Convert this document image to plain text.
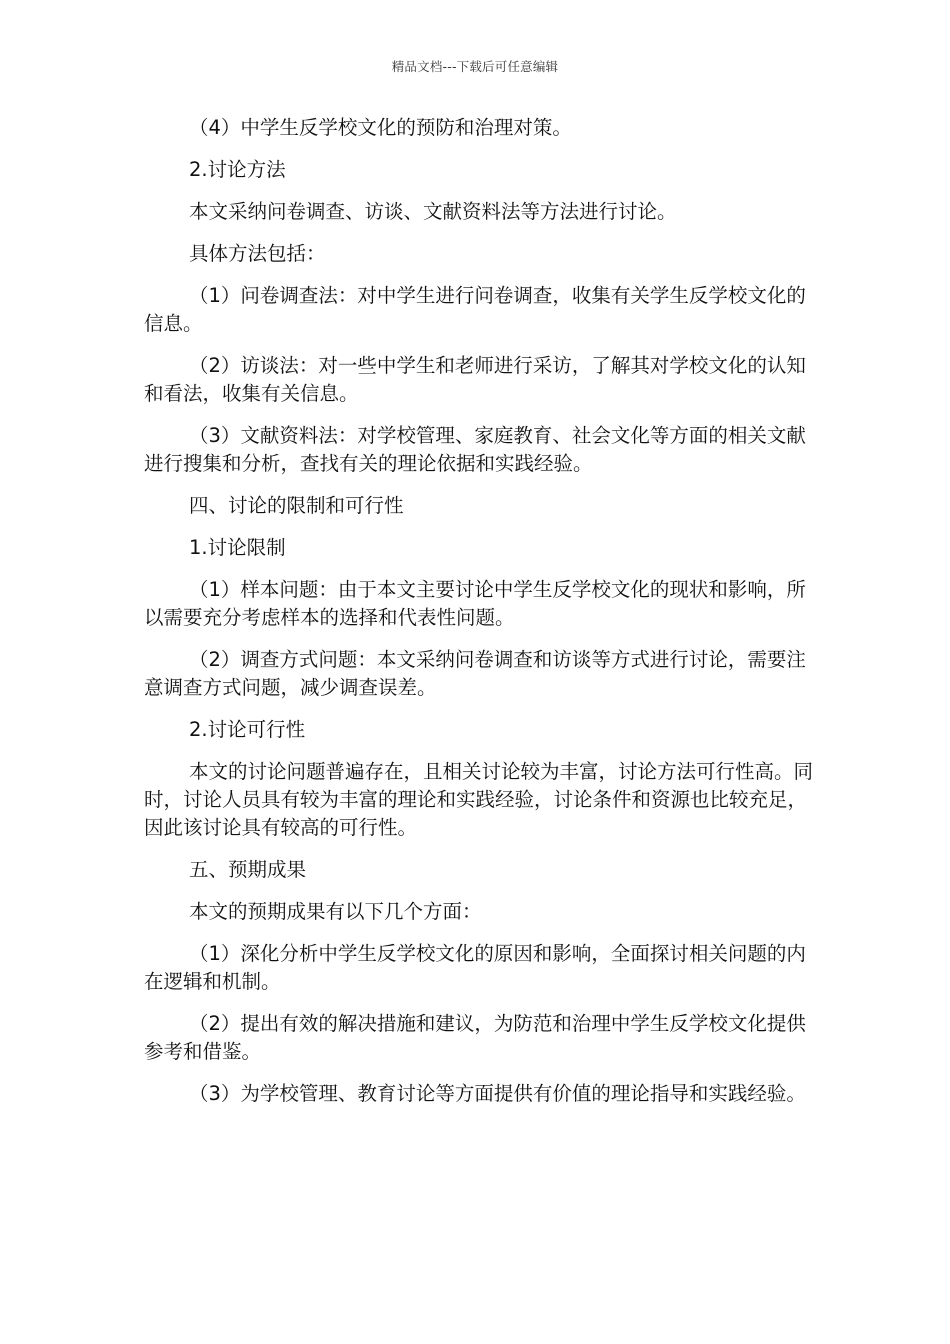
精品文档---下载后可任意编辑

（4）中学生反学校文化的预防和治理对策。

2.讨论方法

本文采纳问卷调查、访谈、文献资料法等方法进行讨论。

具体方法包括：

（1）问卷调查法：对中学生进行问卷调查，收集有关学生反学校文化的信息。

（2）访谈法：对一些中学生和老师进行采访，了解其对学校文化的认知和看法，收集有关信息。

（3）文献资料法：对学校管理、家庭教育、社会文化等方面的相关文献进行搜集和分析，查找有关的理论依据和实践经验。

四、讨论的限制和可行性

1.讨论限制

（1）样本问题：由于本文主要讨论中学生反学校文化的现状和影响，所以需要充分考虑样本的选择和代表性问题。

（2）调查方式问题：本文采纳问卷调查和访谈等方式进行讨论，需要注意调查方式问题，减少调查误差。

2.讨论可行性

本文的讨论问题普遍存在，且相关讨论较为丰富，讨论方法可行性高。同时，讨论人员具有较为丰富的理论和实践经验，讨论条件和资源也比较充足，因此该讨论具有较高的可行性。

五、预期成果

本文的预期成果有以下几个方面：

（1）深化分析中学生反学校文化的原因和影响，全面探讨相关问题的内在逻辑和机制。

（2）提出有效的解决措施和建议，为防范和治理中学生反学校文化提供参考和借鉴。

（3）为学校管理、教育讨论等方面提供有价值的理论指导和实践经验。
